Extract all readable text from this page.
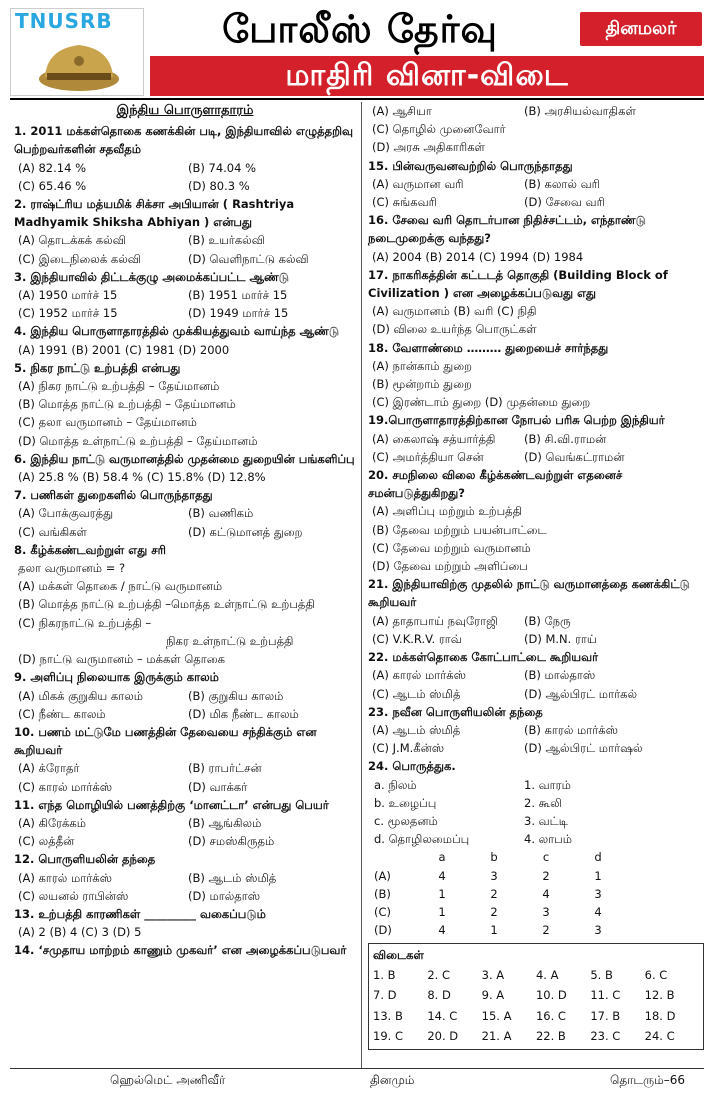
TNUSRB	போலீஸ் தேர்வு	தினமலர்
மாதிரி வினா-விடை
இந்திய பொருளாதாரம்
1. 2011 மக்கள்தொகை கணக்கின் படி, இந்தியாவில் எழுத்தறிவு பெற்றவர்களின் சதவீதம்
(A) 82.14 %	(B) 74.04 %
(C) 65.46 %	(D) 80.3 %
2. ராஷ்ட்ரிய மத்யமிக் சிக்சா அபியான் ( Rashtriya Madhyamik Shiksha Abhiyan ) என்பது
(A) தொடக்கக் கல்வி	(B) உயர்கல்வி
(C) இடைநிலைக் கல்வி	(D) வெளிநாட்டு கல்வி
3. இந்தியாவில் திட்டக்குழு அமைக்கப்பட்ட ஆண்டு
(A) 1950 மார்ச் 15	(B) 1951 மார்ச் 15
(C) 1952 மார்ச் 15	(D) 1949 மார்ச் 15
4. இந்திய பொருளாதாரத்தில் முக்கியத்துவம் வாய்ந்த ஆண்டு
(A) 1991 (B) 2001 (C) 1981 (D) 2000
5. நிகர நாட்டு உற்பத்தி என்பது
(A) நிகர நாட்டு உற்பத்தி – தேய்மானம்
(B) மொத்த நாட்டு உற்பத்தி – தேய்மானம்
(C) தலா வருமானம் – தேய்மானம்
(D) மொத்த உள்நாட்டு உற்பத்தி – தேய்மானம்
6. இந்திய நாட்டு வருமானத்தில் முதன்மை துறையின் பங்களிப்பு
(A) 25.8 % (B) 58.4 % (C) 15.8% (D) 12.8%
7. பணிகள் துறைகளில் பொருந்தாதது
(A) போக்குவரத்து	(B) வணிகம்
(C) வங்கிகள்	(D) கட்டுமானத் துறை
8. கீழ்க்கண்டவற்றுள் எது சரி
தலா வருமானம் = ?
(A) மக்கள் தொகை / நாட்டு வருமானம்
(B) மொத்த நாட்டு உற்பத்தி –மொத்த உள்நாட்டு உற்பத்தி
(C) நிகரநாட்டு உற்பத்தி –
நிகர உள்நாட்டு உற்பத்தி
(D) நாட்டு வருமானம் – மக்கள் தொகை
9. அளிப்பு நிலையாக இருக்கும் காலம்
(A) மிகக் குறுகிய காலம்	(B) குறுகிய காலம்
(C) நீண்ட காலம்	(D) மிக நீண்ட காலம்
10. பணம் மட்டுமே பணத்தின் தேவையை சந்திக்கும் என கூறியவர்
(A) க்ரோதர்	(B) ராபர்ட்சன்
(C) காரல் மார்க்ஸ்	(D) வாக்கர்
11. எந்த மொழியில் பணத்திற்கு ‘மானட்டா’ என்பது பெயர்
(A) கிரேக்கம்	(B) ஆங்கிலம்
(C) லத்தீன்	(D) சமஸ்கிருதம்
12. பொருளியலின் தந்தை
(A) காரல் மார்க்ஸ்	(B) ஆடம் ஸ்மித்
(C) லயனல் ராபின்ஸ்	(D) மால்தாஸ்
13. உற்பத்தி காரணிகள் _________ வகைப்படும்
(A) 2 (B) 4 (C) 3 (D) 5
14. ‘சமுதாய மாற்றம் காணும் முகவர்’ என அழைக்கப்படுபவர்
(A) ஆசியா	(B) அரசியல்வாதிகள்
(C) தொழில் முனைவோர்
(D) அரசு அதிகாரிகள்
15. பின்வருவனவற்றில் பொருந்தாதது
(A) வருமான வரி	(B) கலால் வரி
(C) சுங்கவரி	(D) சேவை வரி
16. சேவை வரி தொடர்பான நிதிச்சட்டம், எந்தாண்டு நடைமுறைக்கு வந்தது?
(A) 2004 (B) 2014 (C) 1994 (D) 1984
17. நாகரிகத்தின் கட்டடத் தொகுதி (Building Block of Civilization ) என அழைக்கப்படுவது எது
(A) வருமானம் (B) வரி (C) நிதி
(D) விலை உயர்ந்த பொருட்கள்
18. வேளாண்மை ……… துறையைச் சார்ந்தது
(A) நான்காம் துறை
(B) மூன்றாம் துறை
(C) இரண்டாம் துறை (D) முதன்மை துறை
19.பொருளாதாரத்திற்கான நோபல் பரிசு பெற்ற இந்தியர்
(A) கைலாஷ் சத்யார்த்தி	(B) சி.வி.ராமன்
(C) அமர்த்தியா சென்	(D) வெங்கட்ராமன்
20. சமநிலை விலை கீழ்க்கண்டவற்றுள் எதனைச் சமன்படுத்துகிறது?
(A) அளிப்பு மற்றும் உற்பத்தி
(B) தேவை மற்றும் பயன்பாட்டை
(C) தேவை மற்றும் வருமானம்
(D) தேவை மற்றும் அளிப்பை
21. இந்தியாவிற்கு முதலில் நாட்டு வருமானத்தை கணக்கிட்டு கூறியவர்
(A) தாதாபாய் நவுரோஜி	(B) நேரு
(C) V.K.R.V. ராவ்	(D) M.N. ராய்
22. மக்கள்தொகை கோட்பாட்டை கூறியவர்
(A) காரல் மார்க்ஸ்	(B) மால்தாஸ்
(C) ஆடம் ஸ்மித்	(D) ஆல்பிரட் மார்கல்
23. நவீன பொருளியலின் தந்தை
(A) ஆடம் ஸ்மித்	(B) காரல் மார்க்ஸ்
(C) J.M.கீன்ஸ்	(D) ஆல்பிரட் மார்ஷல்
24. பொருத்துக.
a. நிலம்	1. வாரம்
b. உழைப்பு	2. கூலி
c. மூலதனம்	3. வட்டி
d. தொழிலமைப்பு	4. லாபம்
a	b	c	d
(A)	4	3	2	1
(B)	1	2	4	3
(C)	1	2	3	4
(D)	4	1	2	3
விடைகள்
1. B	2. C	3. A	4. A	5. B	6. C
7. D	8. D	9. A	10. D	11. C	12. B
13. B	14. C	15. A	16. C	17. B	18. D
19. C	20. D	21. A	22. B	23. C	24. C
ஹெல்மெட் அணிவீர்	தினமும்	தொடரும்–66
